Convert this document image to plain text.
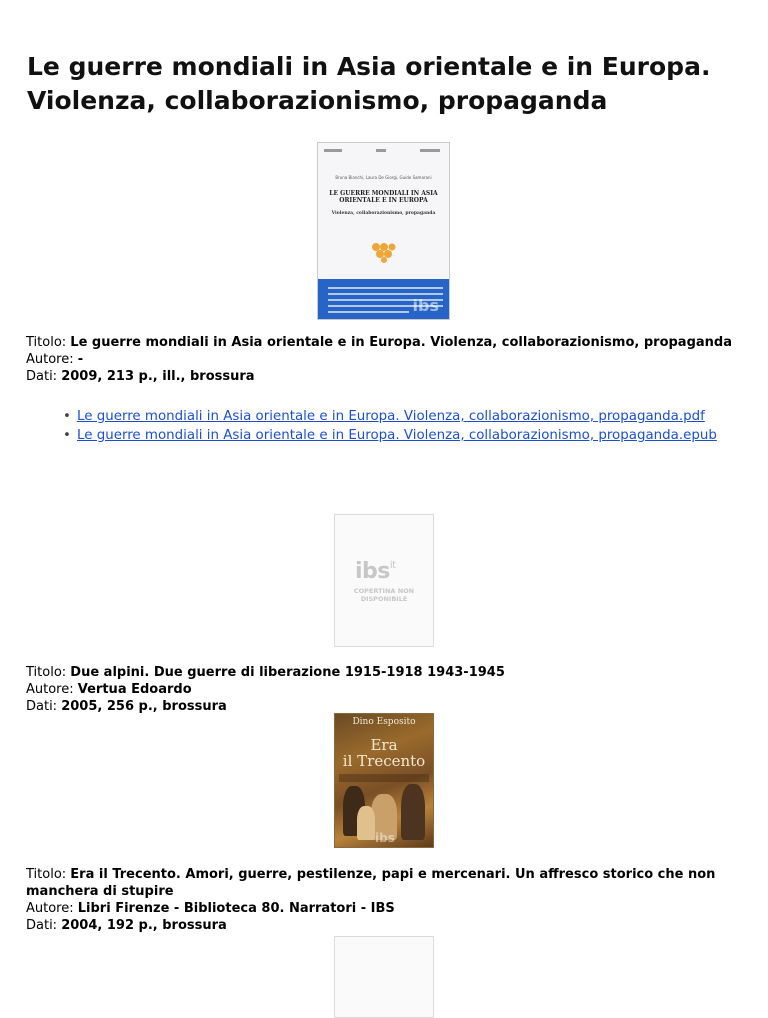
Le guerre mondiali in Asia orientale e in Europa. Violenza, collaborazionismo, propaganda
Bruna Bianchi, Laura De Giorgi, Guido Samarani
LE GUERRE MONDIALI IN ASIA ORIENTALE E IN EUROPA
Violenza, collaborazionismo, propaganda
ibs
Titolo: Le guerre mondiali in Asia orientale e in Europa. Violenza, collaborazionismo, propaganda
Autore: -
Dati: 2009, 213 p., ill., brossura
• Le guerre mondiali in Asia orientale e in Europa. Violenza, collaborazionismo, propaganda.pdf
• Le guerre mondiali in Asia orientale e in Europa. Violenza, collaborazionismo, propaganda.epub
ibs$^{it}$
COPERTINA NON DISPONIBILE
Titolo: Due alpini. Due guerre di liberazione 1915-1918 1943-1945
Autore: Vertua Edoardo
Dati: 2005, 256 p., brossura
Dino Esposito
Era
il Trecento
ibs
Titolo: Era il Trecento. Amori, guerre, pestilenze, papi e mercenari. Un affresco storico che non manchera di stupire
Autore: Libri Firenze - Biblioteca 80. Narratori - IBS
Dati: 2004, 192 p., brossura
